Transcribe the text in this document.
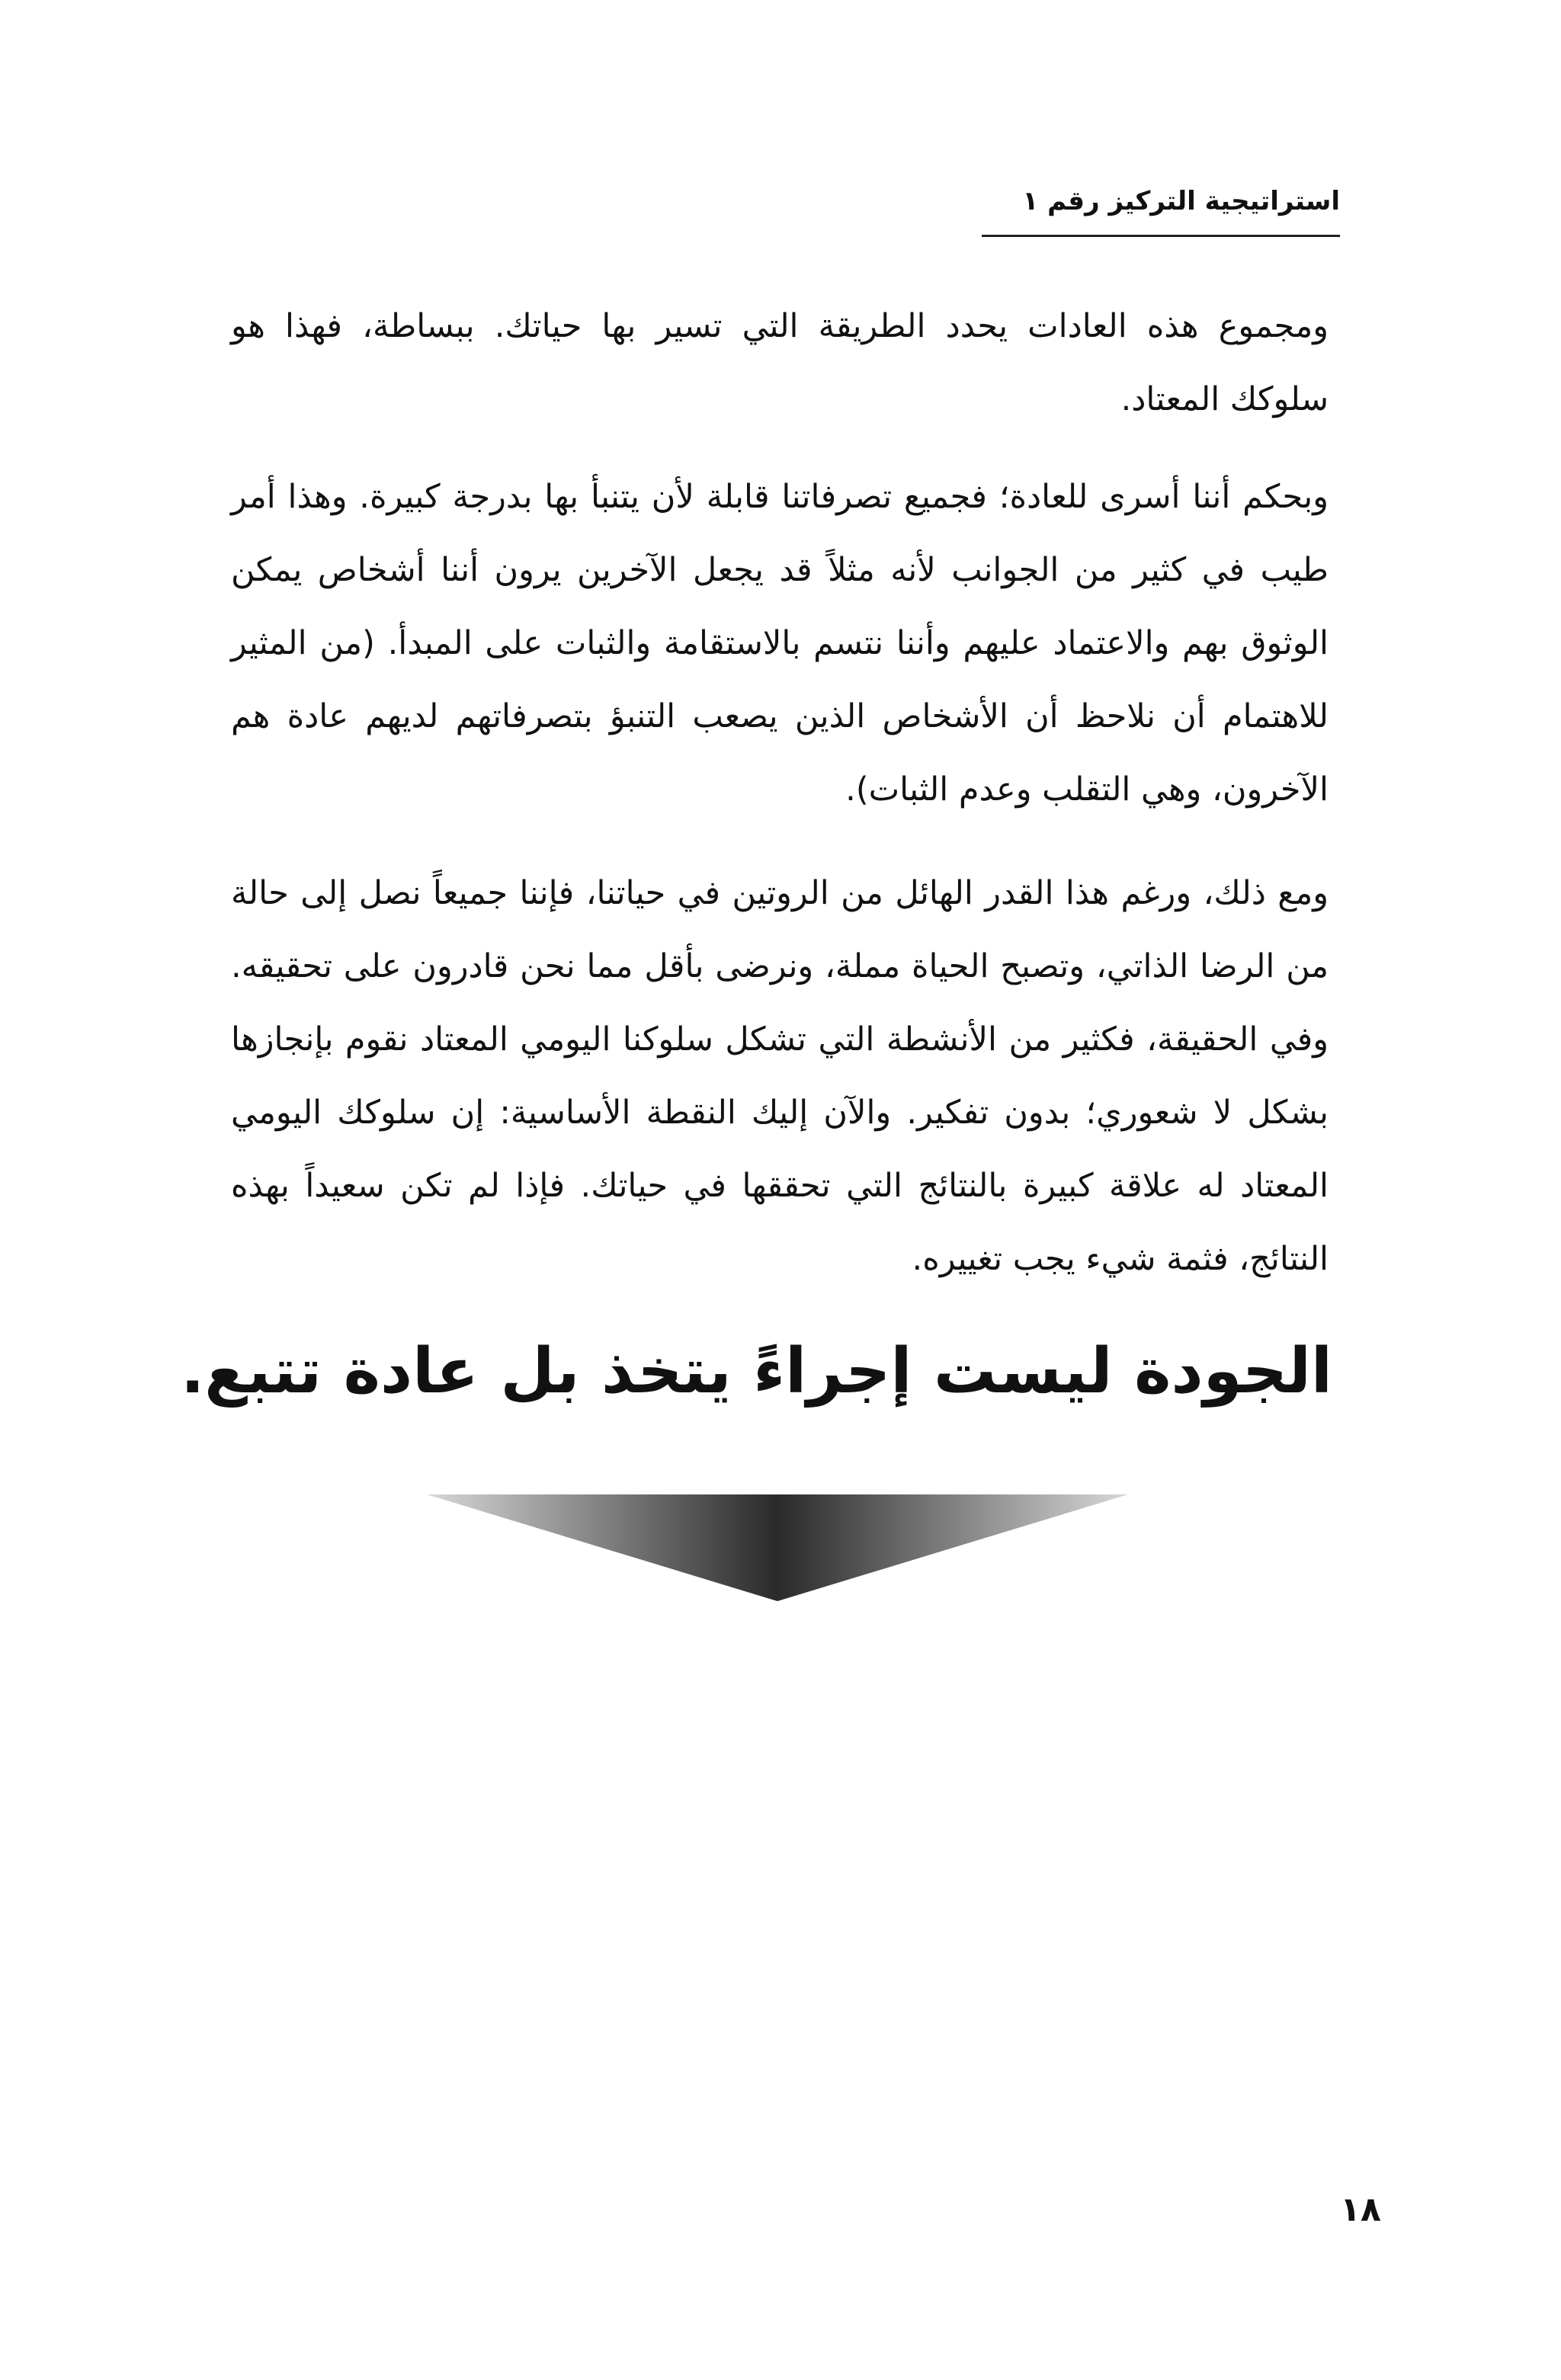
استراتيجية التركيز رقم ١

ومجموع هذه العادات يحدد الطريقة التي تسير بها حياتك. ببساطة، فهذا هو سلوكك المعتاد.

وبحكم أننا أسرى للعادة؛ فجميع تصرفاتنا قابلة لأن يتنبأ بها بدرجة كبيرة. وهذا أمر طيب في كثير من الجوانب لأنه مثلاً قد يجعل الآخرين يرون أننا أشخاص يمكن الوثوق بهم والاعتماد عليهم وأننا نتسم بالاستقامة والثبات على المبدأ. (من المثير للاهتمام أن نلاحظ أن الأشخاص الذين يصعب التنبؤ بتصرفاتهم لديهم عادة هم الآخرون، وهي التقلب وعدم الثبات).

ومع ذلك، ورغم هذا القدر الهائل من الروتين في حياتنا، فإننا جميعاً نصل إلى حالة من الرضا الذاتي، وتصبح الحياة مملة، ونرضى بأقل مما نحن قادرون على تحقيقه. وفي الحقيقة، فكثير من الأنشطة التي تشكل سلوكنا اليومي المعتاد نقوم بإنجازها بشكل لا شعوري؛ بدون تفكير. والآن إليك النقطة الأساسية: إن سلوكك اليومي المعتاد له علاقة كبيرة بالنتائج التي تحققها في حياتك. فإذا لم تكن سعيداً بهذه النتائج، فثمة شيء يجب تغييره.

الجودة ليست إجراءً يتخذ بل عادة تتبع.
١٨
